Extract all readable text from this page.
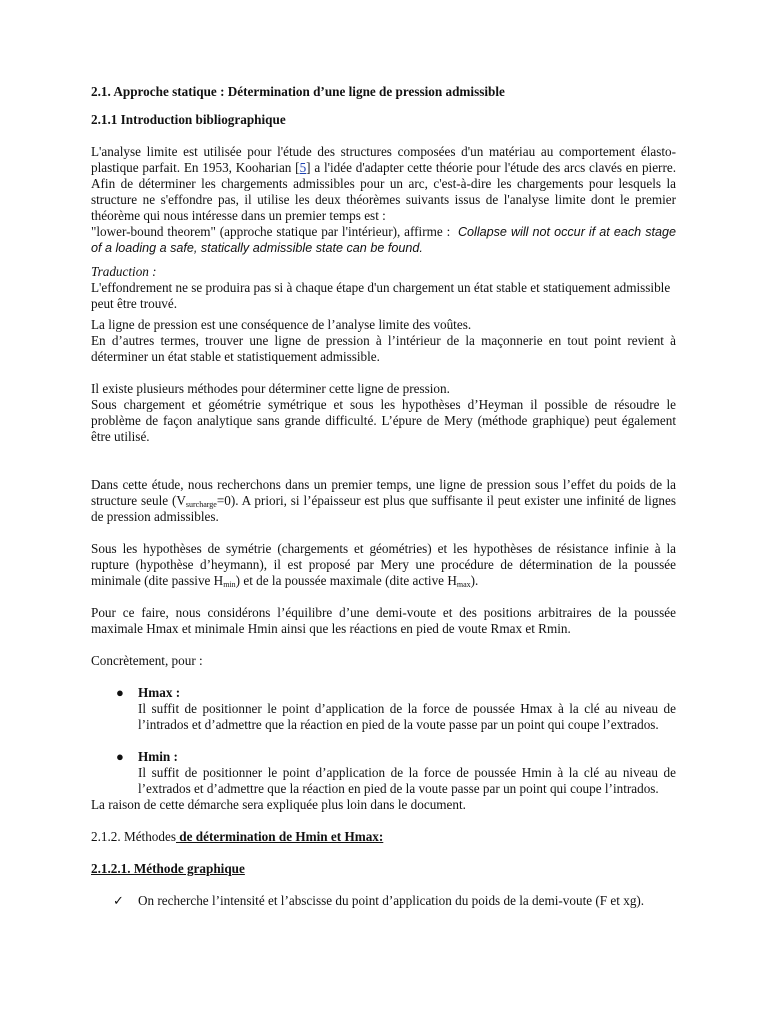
2.1. Approche statique : Détermination d’une ligne de pression admissible

2.1.1 Introduction bibliographique

L'analyse limite est utilisée pour l'étude des structures composées d'un matériau au comportement élasto-plastique parfait. En 1953, Kooharian [5] a l'idée d'adapter cette théorie pour l'étude des arcs clavés en pierre. Afin de déterminer les chargements admissibles pour un arc, c'est-à-dire les chargements pour lesquels la structure ne s'effondre pas, il utilise les deux théorèmes suivants issus de l'analyse limite dont le premier théorème qui nous intéresse dans un premier temps est :
"lower-bound theorem" (approche statique par l'intérieur), affirme : Collapse will not occur if at each stage of a loading a safe, statically admissible state can be found.

Traduction :
L'effondrement ne se produira pas si à chaque étape d'un chargement un état stable et statiquement admissible peut être trouvé.

La ligne de pression est une conséquence de l’analyse limite des voûtes.
En d’autres termes, trouver une ligne de pression à l’intérieur de la maçonnerie en tout point revient à déterminer un état stable et statistiquement admissible.

Il existe plusieurs méthodes pour déterminer cette ligne de pression.
Sous chargement et géométrie symétrique et sous les hypothèses d’Heyman il possible de résoudre le problème de façon analytique sans grande difficulté. L’épure de Mery (méthode graphique) peut également être utilisé.

Dans cette étude, nous recherchons dans un premier temps, une ligne de pression sous l’effet du poids de la structure seule $(V_{surcharge}=0)$. A priori, si l’épaisseur est plus que suffisante il peut exister une infinité de lignes de pression admissibles.

Sous les hypothèses de symétrie (chargements et géométries) et les hypothèses de résistance infinie à la rupture (hypothèse d’heymann), il est proposé par Mery une procédure de détermination de la poussée minimale (dite passive $H_{min}$) et de la poussée maximale (dite active $H_{max}$).

Pour ce faire, nous considérons l’équilibre d’une demi-voute et des positions arbitraires de la poussée maximale Hmax et minimale Hmin ainsi que les réactions en pied de voute Rmax et Rmin.

Concrètement, pour :

● Hmax :

Il suffit de positionner le point d’application de la force de poussée Hmax à la clé au niveau de l’intrados et d’admettre que la réaction en pied de la voute passe par un point qui coupe l’extrados.

● Hmin :

Il suffit de positionner le point d’application de la force de poussée Hmin à la clé au niveau de l’extrados et d’admettre que la réaction en pied de la voute passe par un point qui coupe l’intrados.

La raison de cette démarche sera expliquée plus loin dans le document.

2.1.2. Méthodes de détermination de Hmin et Hmax:

2.1.2.1. Méthode graphique

✓ On recherche l’intensité et l’abscisse du point d’application du poids de la demi-voute (F et xg).
